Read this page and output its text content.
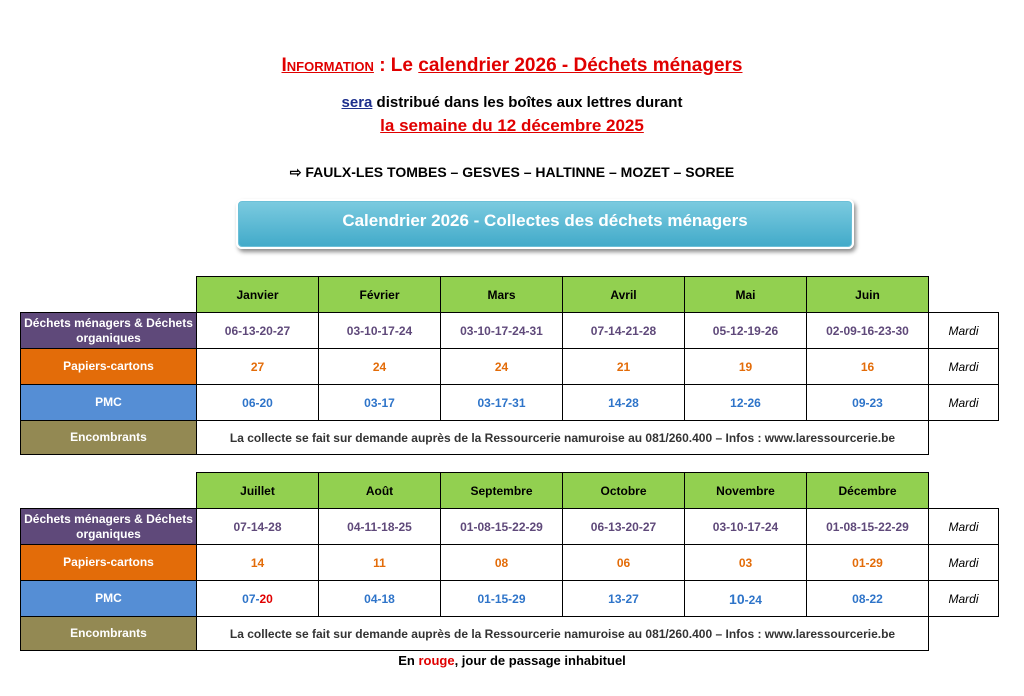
Information : Le calendrier 2026 - Déchets ménagers
sera distribué dans les boîtes aux lettres durant
la semaine du 12 décembre 2025
⇨ FAULX-LES TOMBES – GESVES – HALTINNE – MOZET – SOREE
Calendrier 2026 - Collectes des déchets ménagers
	Janvier	Février	Mars	Avril	Mai	Juin	
Déchets ménagers & Déchets organiques	06-13-20-27	03-10-17-24	03-10-17-24-31	07-14-21-28	05-12-19-26	02-09-16-23-30	Mardi
Papiers-cartons	27	24	24	21	19	16	Mardi
PMC	06-20	03-17	03-17-31	14-28	12-26	09-23	Mardi
Encombrants	La collecte se fait sur demande auprès de la Ressourcerie namuroise au 081/260.400 – Infos : www.laressourcerie.be						
	Juillet	Août	Septembre	Octobre	Novembre	Décembre	
Déchets ménagers & Déchets organiques	07-14-28	04-11-18-25	01-08-15-22-29	06-13-20-27	03-10-17-24	01-08-15-22-29	Mardi
Papiers-cartons	14	11	08	06	03	01-29	Mardi
PMC	07-20	04-18	01-15-29	13-27	10-24	08-22	Mardi
Encombrants	La collecte se fait sur demande auprès de la Ressourcerie namuroise au 081/260.400 – Infos : www.laressourcerie.be						
En rouge, jour de passage inhabituel
